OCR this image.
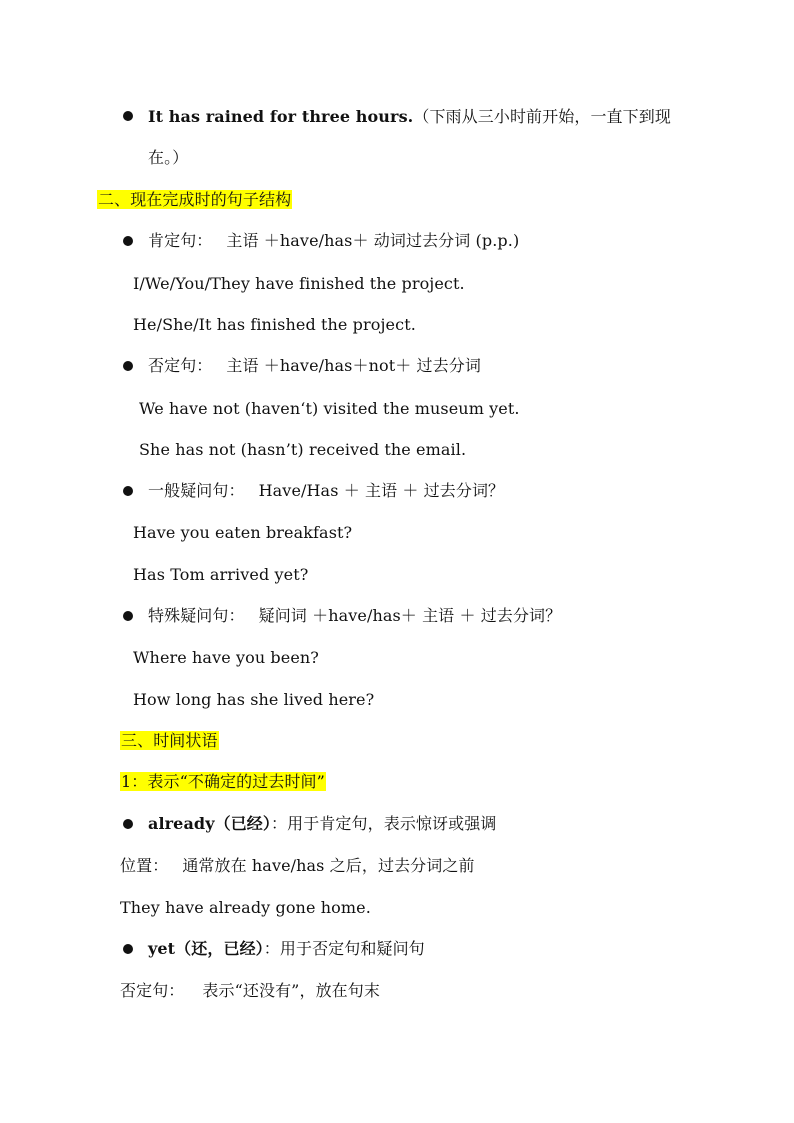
It has rained for three hours.（下雨从三小时前开始，一直下到现
在。）
二、现在完成时的句子结构
肯定句： 主语 ＋have/has＋ 动词过去分词 (p.p.)
I/We/You/They have finished the project.
He/She/It has finished the project.
否定句： 主语 ＋have/has＋not＋ 过去分词
We have not (haven‘t) visited the museum yet.
She has not (hasn’t) received the email.
一般疑问句： Have/Has ＋ 主语 ＋ 过去分词？
Have you eaten breakfast?
Has Tom arrived yet?
特殊疑问句： 疑问词 ＋have/has＋ 主语 ＋ 过去分词？
Where have you been?
How long has she lived here?
三、时间状语
1：表示“不确定的过去时间”
already（已经）：用于肯定句，表示惊讶或强调
位置： 通常放在 have/has 之后，过去分词之前
They have already gone home.
yet（还，已经）：用于否定句和疑问句
否定句： 表示“还没有”，放在句末
